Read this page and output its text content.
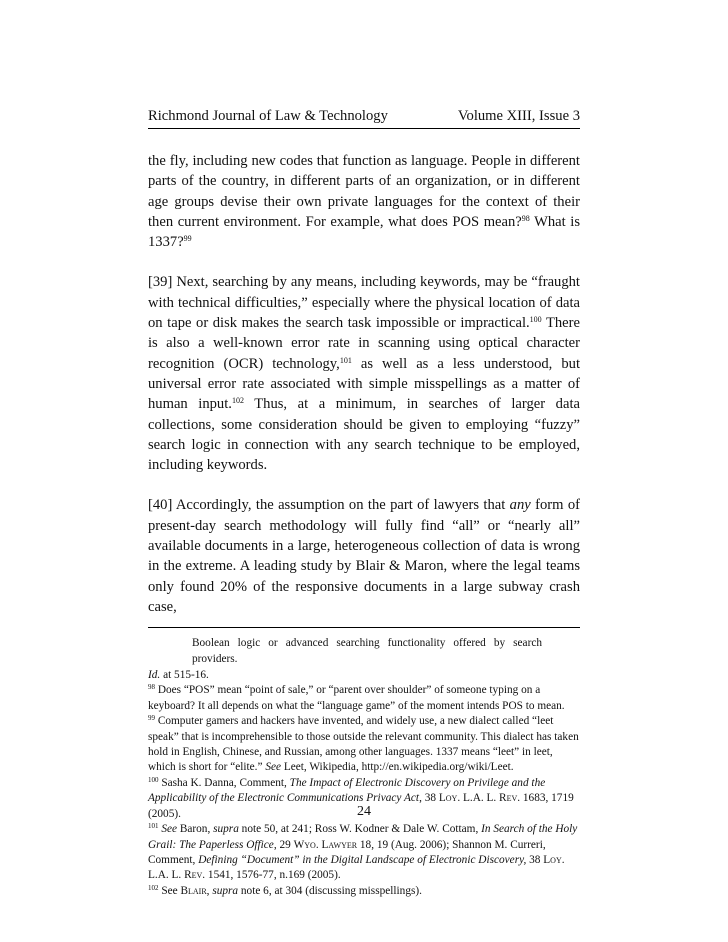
Richmond Journal of Law & Technology	Volume XIII, Issue 3

the fly, including new codes that function as language. People in different parts of the country, in different parts of an organization, or in different age groups devise their own private languages for the context of their then current environment. For example, what does POS mean?$^{98}$ What is 1337?$^{99}$

[39] Next, searching by any means, including keywords, may be “fraught with technical difficulties,” especially where the physical location of data on tape or disk makes the search task impossible or impractical.$^{100}$ There is also a well-known error rate in scanning using optical character recognition (OCR) technology,$^{101}$ as well as a less understood, but universal error rate associated with simple misspellings as a matter of human input.$^{102}$ Thus, at a minimum, in searches of larger data collections, some consideration should be given to employing “fuzzy” search logic in connection with any search technique to be employed, including keywords.

[40] Accordingly, the assumption on the part of lawyers that any form of present-day search methodology will fully find “all” or “nearly all” available documents in a large, heterogeneous collection of data is wrong in the extreme. A leading study by Blair & Maron, where the legal teams only found 20% of the responsive documents in a large subway crash case,

Boolean logic or advanced searching functionality offered by search providers.

Id. at 515-16.

$^{98}$ Does “POS” mean “point of sale,” or “parent over shoulder” of someone typing on a keyboard? It all depends on what the “language game” of the moment intends POS to mean.

$^{99}$ Computer gamers and hackers have invented, and widely use, a new dialect called “leet speak” that is incomprehensible to those outside the relevant community. This dialect has taken hold in English, Chinese, and Russian, among other languages. 1337 means “leet” in leet, which is short for “elite.” See Leet, Wikipedia, http://en.wikipedia.org/wiki/Leet.

$^{100}$ Sasha K. Danna, Comment, The Impact of Electronic Discovery on Privilege and the Applicability of the Electronic Communications Privacy Act, 38 Loy. L.A. L. Rev. 1683, 1719 (2005).

$^{101}$ See Baron, supra note 50, at 241; Ross W. Kodner & Dale W. Cottam, In Search of the Holy Grail: The Paperless Office, 29 Wyo. Lawyer 18, 19 (Aug. 2006); Shannon M. Curreri, Comment, Defining “Document” in the Digital Landscape of Electronic Discovery, 38 Loy. L.A. L. Rev. 1541, 1576-77, n.169 (2005).

$^{102}$ See Blair, supra note 6, at 304 (discussing misspellings).

24
